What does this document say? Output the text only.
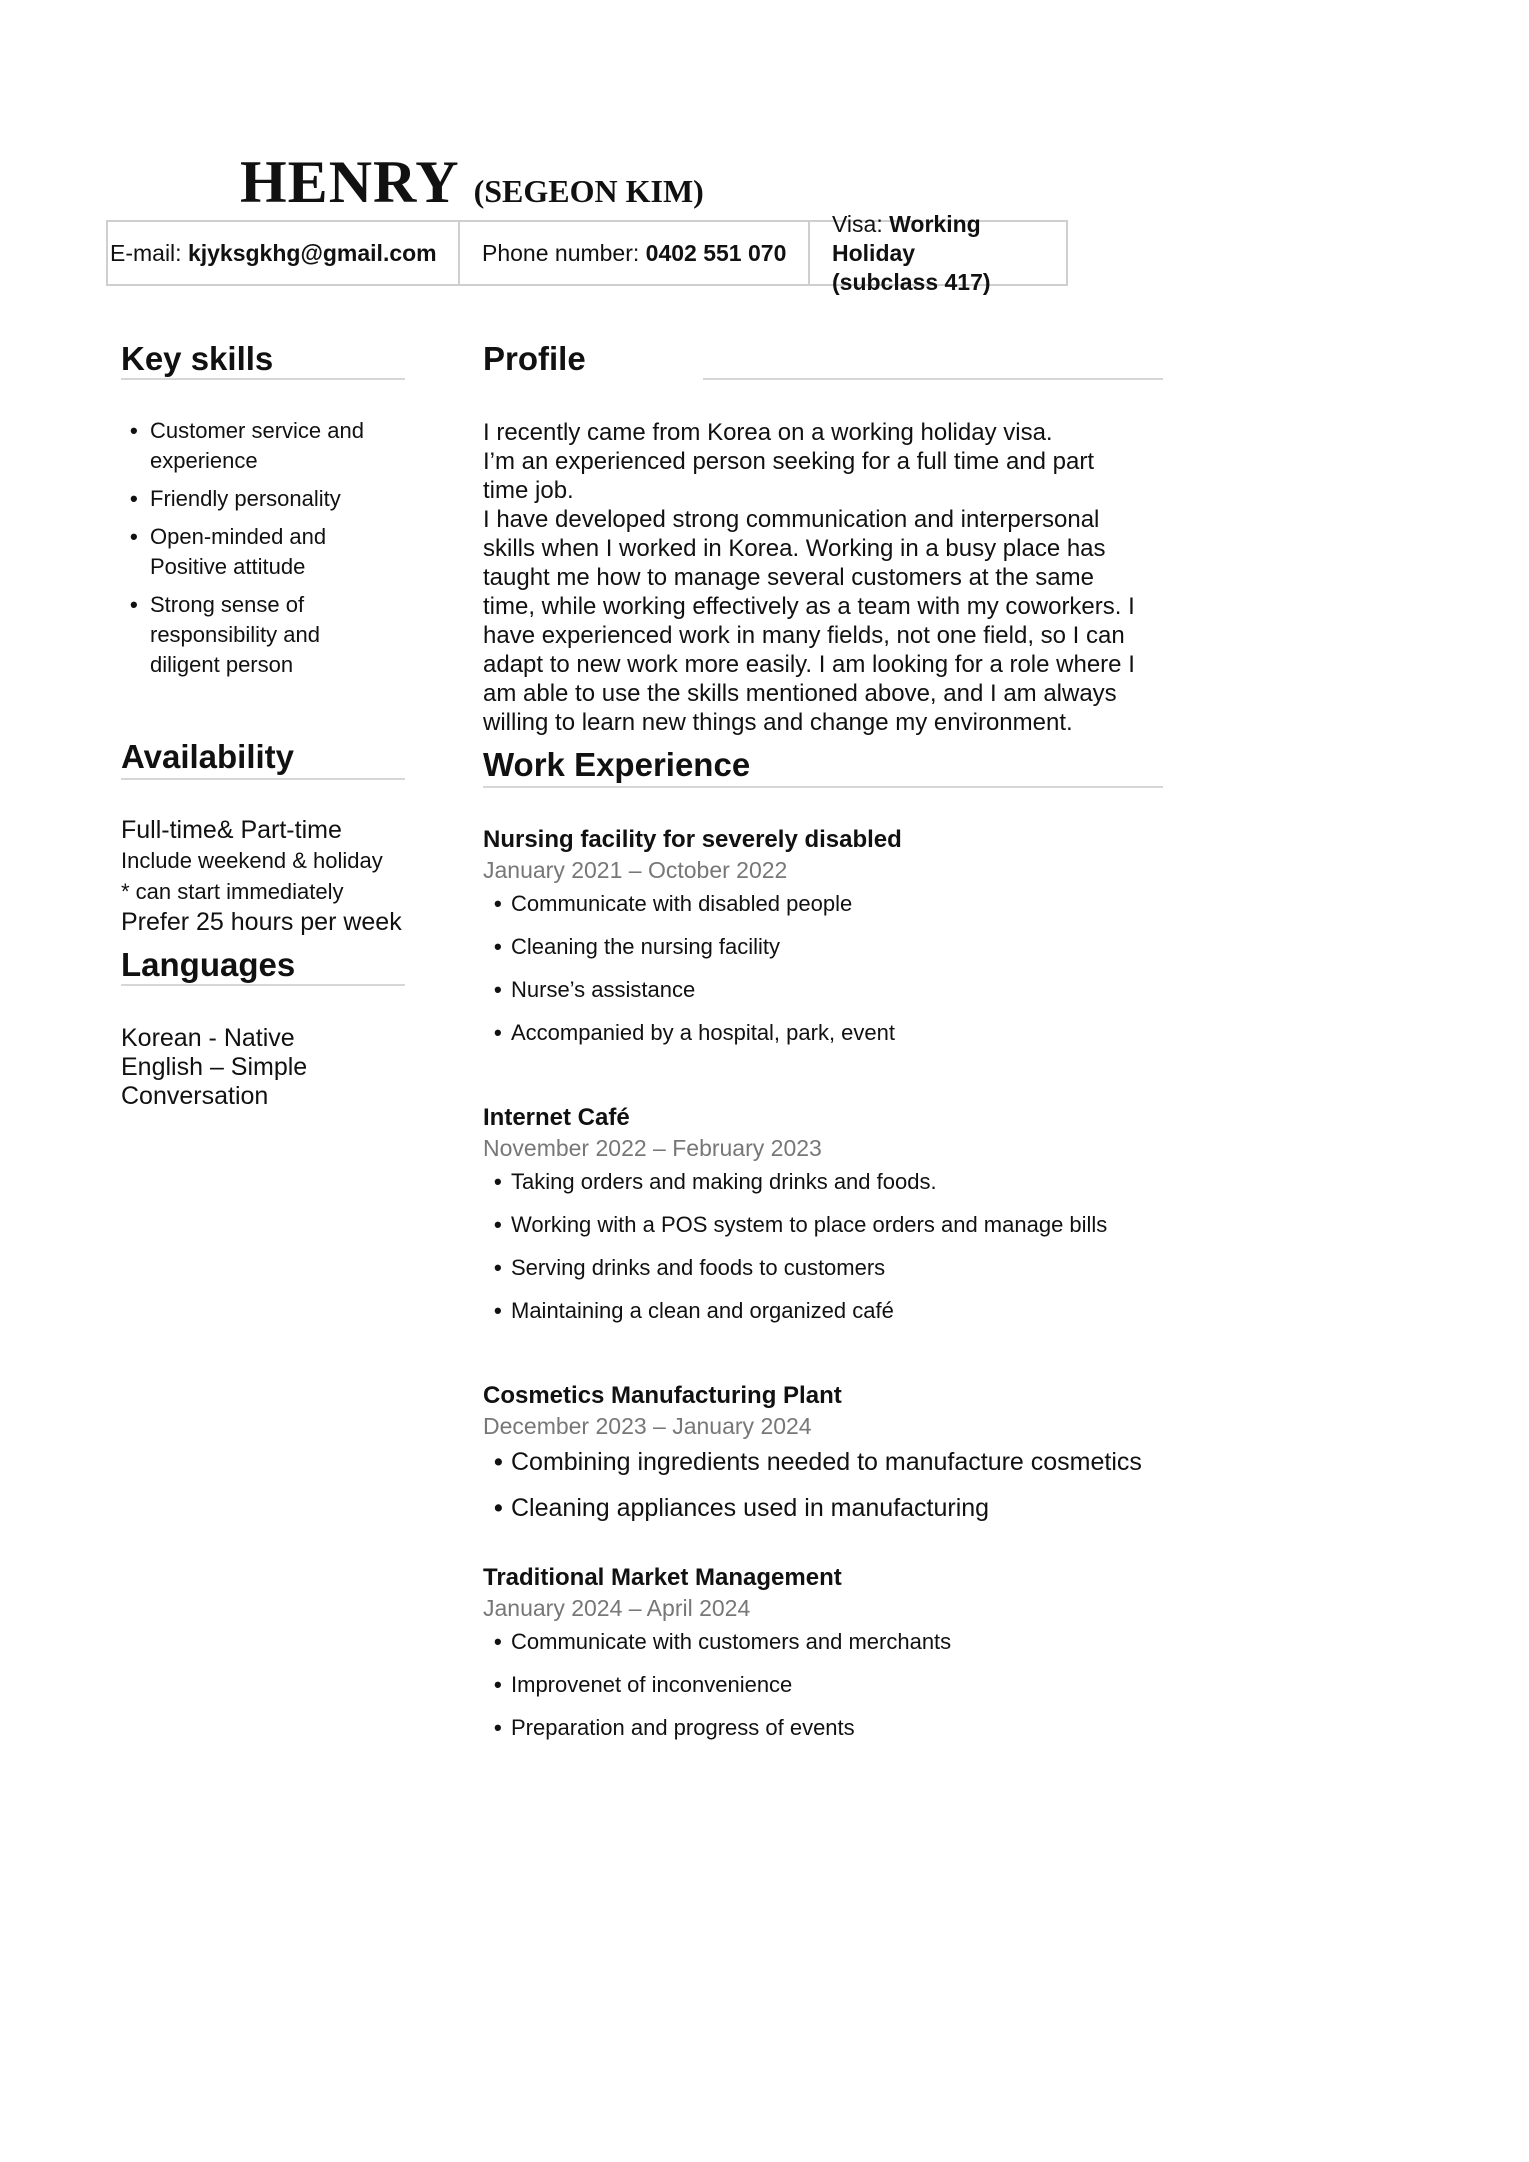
HENRY (SEGEON KIM)
E-mail:
kjyksgkhg@gmail.com Phone number:
0402 551 070
Visa: Working Holiday
(subclass 417)
Key skills
• Customer service and
experience
• Friendly personality
• Open-minded and
Positive attitude
• Strong sense of
responsibility and
diligent person
Availability
Full-time& Part-time
Include weekend & holiday
* can start immediately
Prefer 25 hours per week
Languages
Korean - Native
English – Simple
Conversation
Profile
I recently came from Korea on a working holiday visa.
I’m an experienced person seeking for a full time and part
time job.
I have developed strong communication and interpersonal
skills when I worked in Korea. Working in a busy place has
taught me how to manage several customers at the same
time, while working effectively as a team with my coworkers. I
have experienced work in many fields, not one field, so I can
adapt to new work more easily. I am looking for a role where I
am able to use the skills mentioned above, and I am always
willing to learn new things and change my environment.
Work Experience
Nursing facility for severely disabled
January 2021 – October 2022
• Communicate with disabled people
• Cleaning the nursing facility
• Nurse’s assistance
• Accompanied by a hospital, park, event
Internet Café
November 2022 – February 2023
• Taking orders and making drinks and foods.
• Working with a POS system to place orders and manage bills
• Serving drinks and foods to customers
• Maintaining a clean and organized café
Cosmetics Manufacturing Plant
December 2023 – January 2024
• Combining ingredients needed to manufacture cosmetics
• Cleaning appliances used in manufacturing
Traditional Market Management
January 2024 – April 2024
• Communicate with customers and merchants
• Improvenet of inconvenience
• Preparation and progress of events
